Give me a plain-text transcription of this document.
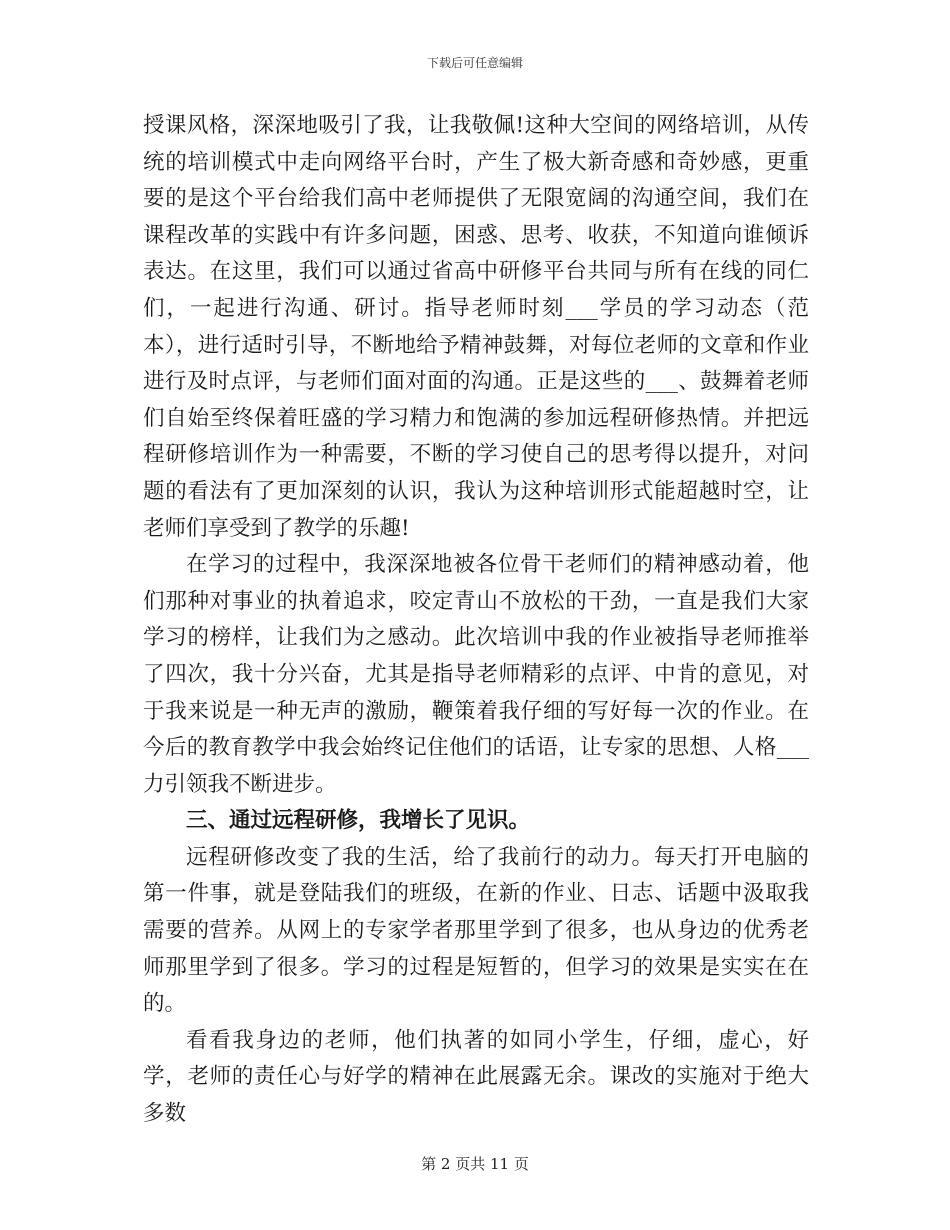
下载后可任意编辑

授课风格，深深地吸引了我，让我敬佩!这种大空间的网络培训，从传统的培训模式中走向网络平台时，产生了极大新奇感和奇妙感，更重要的是这个平台给我们高中老师提供了无限宽阔的沟通空间，我们在课程改革的实践中有许多问题，困惑、思考、收获，不知道向谁倾诉表达。在这里，我们可以通过省高中研修平台共同与所有在线的同仁们，一起进行沟通、研讨。指导老师时刻___学员的学习动态（范本），进行适时引导，不断地给予精神鼓舞，对每位老师的文章和作业进行及时点评，与老师们面对面的沟通。正是这些的___、鼓舞着老师们自始至终保着旺盛的学习精力和饱满的参加远程研修热情。并把远程研修培训作为一种需要，不断的学习使自己的思考得以提升，对问题的看法有了更加深刻的认识，我认为这种培训形式能超越时空，让老师们享受到了教学的乐趣!

在学习的过程中，我深深地被各位骨干老师们的精神感动着，他们那种对事业的执着追求，咬定青山不放松的干劲，一直是我们大家学习的榜样，让我们为之感动。此次培训中我的作业被指导老师推举了四次，我十分兴奋，尤其是指导老师精彩的点评、中肯的意见，对于我来说是一种无声的激励，鞭策着我仔细的写好每一次的作业。在今后的教育教学中我会始终记住他们的话语，让专家的思想、人格___力引领我不断进步。

三、通过远程研修，我增长了见识。

远程研修改变了我的生活，给了我前行的动力。每天打开电脑的第一件事，就是登陆我们的班级，在新的作业、日志、话题中汲取我需要的营养。从网上的专家学者那里学到了很多，也从身边的优秀老师那里学到了很多。学习的过程是短暂的，但学习的效果是实实在在的。

看看我身边的老师，他们执著的如同小学生，仔细，虚心，好学，老师的责任心与好学的精神在此展露无余。课改的实施对于绝大多数

第 2 页共 11 页
